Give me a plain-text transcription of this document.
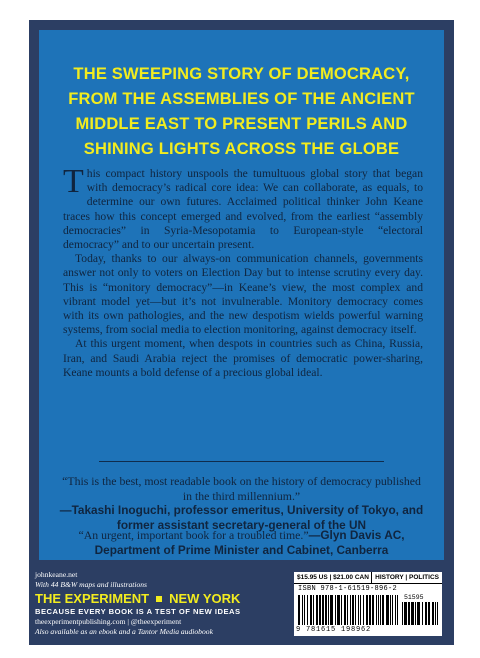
THE SWEEPING STORY OF DEMOCRACY,
FROM THE ASSEMBLIES OF THE ANCIENT
MIDDLE EAST TO PRESENT PERILS AND
SHINING LIGHTS ACROSS THE GLOBE

This compact history unspools the tumultuous global story that began with democracy’s radical core idea: We can collaborate, as equals, to determine our own futures. Acclaimed political thinker John Keane traces how this concept emerged and evolved, from the earliest “assembly democracies” in Syria-Mesopotamia to European-style “electoral democracy” and to our uncertain present.

Today, thanks to our always-on communication channels, governments answer not only to voters on Election Day but to intense scrutiny every day. This is “monitory democracy”—in Keane’s view, the most complex and vibrant model yet—but it’s not invulnerable. Monitory democracy comes with its own pathologies, and the new despotism wields powerful warning systems, from social media to election monitoring, against democracy itself.

At this urgent moment, when despots in countries such as China, Russia, Iran, and Saudi Arabia reject the promises of democratic power-sharing, Keane mounts a bold defense of a precious global ideal.

“This is the best, most readable book on the history of democracy published in the third millennium.”
—Takashi Inoguchi, professor emeritus, University of Tokyo, and former assistant secretary-general of the UN
“An urgent, important book for a troubled time.”—Glyn Davis AC, Department of Prime Minister and Cabinet, Canberra
johnkeane.net
With 44 B&W maps and illustrations
THE EXPERIMENT NEW YORK
BECAUSE EVERY BOOK IS A TEST OF NEW IDEAS
theexperimentpublishing.com | @theexperiment
Also available as an ebook and a Tantor Media audiobook
$15.95 US | $21.00 CAN HISTORY | POLITICS
ISBN 978-1-61519-896-2
51595
9 781615 198962
